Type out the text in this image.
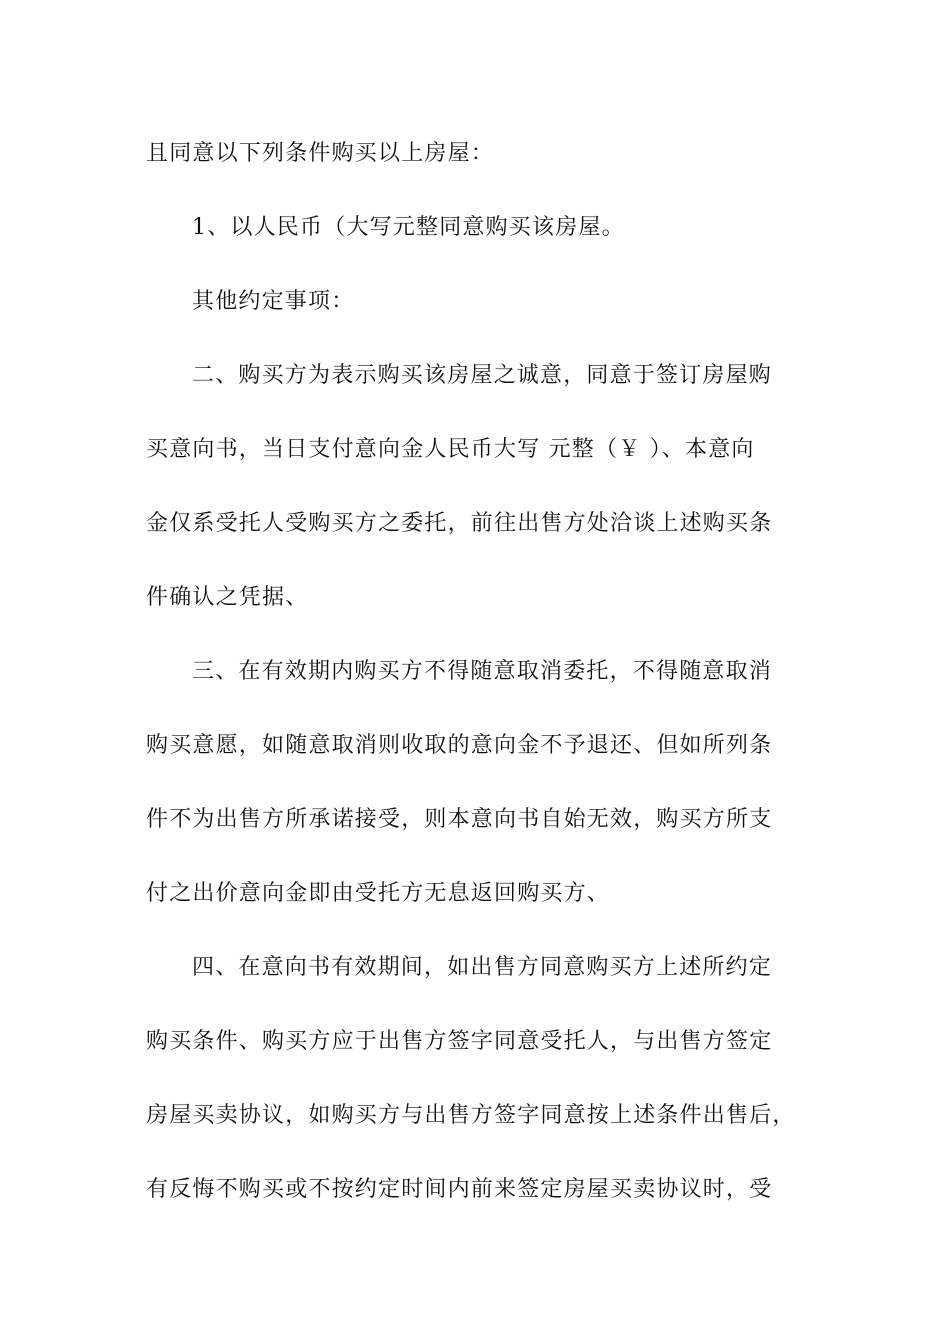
且同意以下列条件购买以上房屋：
1、以人民币（大写元整同意购买该房屋。
其他约定事项：
二、购买方为表示购买该房屋之诚意，同意于签订房屋购
买意向书，当日支付意向金人民币大写 元整（￥ ）、本意向
金仅系受托人受购买方之委托，前往出售方处洽谈上述购买条
件确认之凭据、
三、在有效期内购买方不得随意取消委托，不得随意取消
购买意愿，如随意取消则收取的意向金不予退还、但如所列条
件不为出售方所承诺接受，则本意向书自始无效，购买方所支
付之出价意向金即由受托方无息返回购买方、
四、在意向书有效期间，如出售方同意购买方上述所约定
购买条件、购买方应于出售方签字同意受托人，与出售方签定
房屋买卖协议，如购买方与出售方签字同意按上述条件出售后，
有反悔不购买或不按约定时间内前来签定房屋买卖协议时，受
